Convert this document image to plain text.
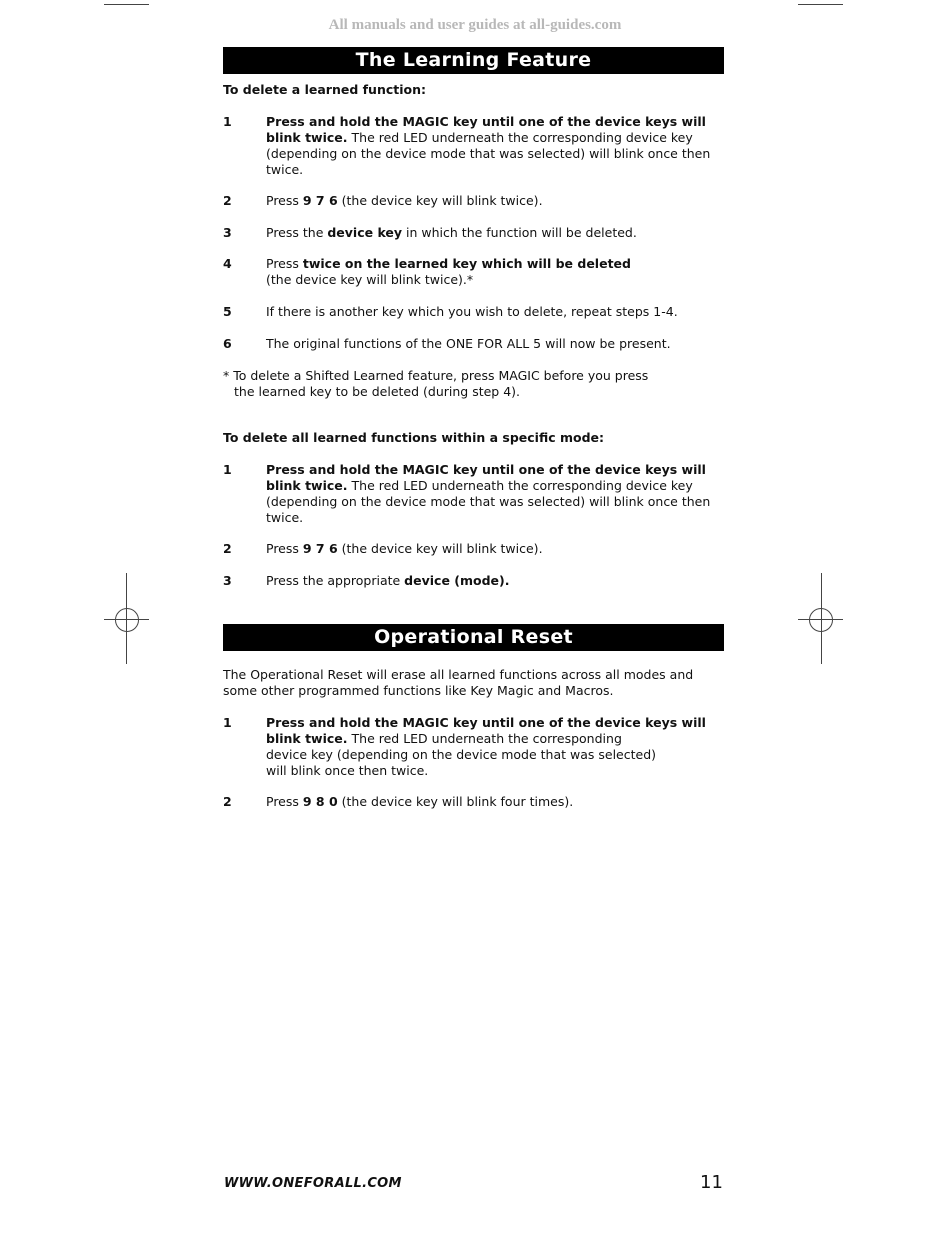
All manuals and user guides at all-guides.com
The Learning Feature
To delete a learned function:
1	Press and hold the MAGIC key until one of the device keys will blink twice. The red LED underneath the corresponding device key (depending on the device mode that was selected) will blink once then twice.
2	Press 9 7 6 (the device key will blink twice).
3	Press the device key in which the function will be deleted.
4	Press twice on the learned key which will be deleted
(the device key will blink twice).*
5	If there is another key which you wish to delete, repeat steps 1-4.
6	The original functions of the ONE FOR ALL 5 will now be present.
* To delete a Shifted Learned feature, press MAGIC before you press
the learned key to be deleted (during step 4).
To delete all learned functions within a specific mode:
1	Press and hold the MAGIC key until one of the device keys will blink twice. The red LED underneath the corresponding device key (depending on the device mode that was selected) will blink once then twice.
2	Press 9 7 6 (the device key will blink twice).
3	Press the appropriate device (mode).
Operational Reset
The Operational Reset will erase all learned functions across all modes and
some other programmed functions like Key Magic and Macros.
1	Press and hold the MAGIC key until one of the device keys will
blink twice. The red LED underneath the corresponding
device key (depending on the device mode that was selected)
will blink once then twice.
2	Press 9 8 0 (the device key will blink four times).
WWW.ONEFORALL.COM	11
